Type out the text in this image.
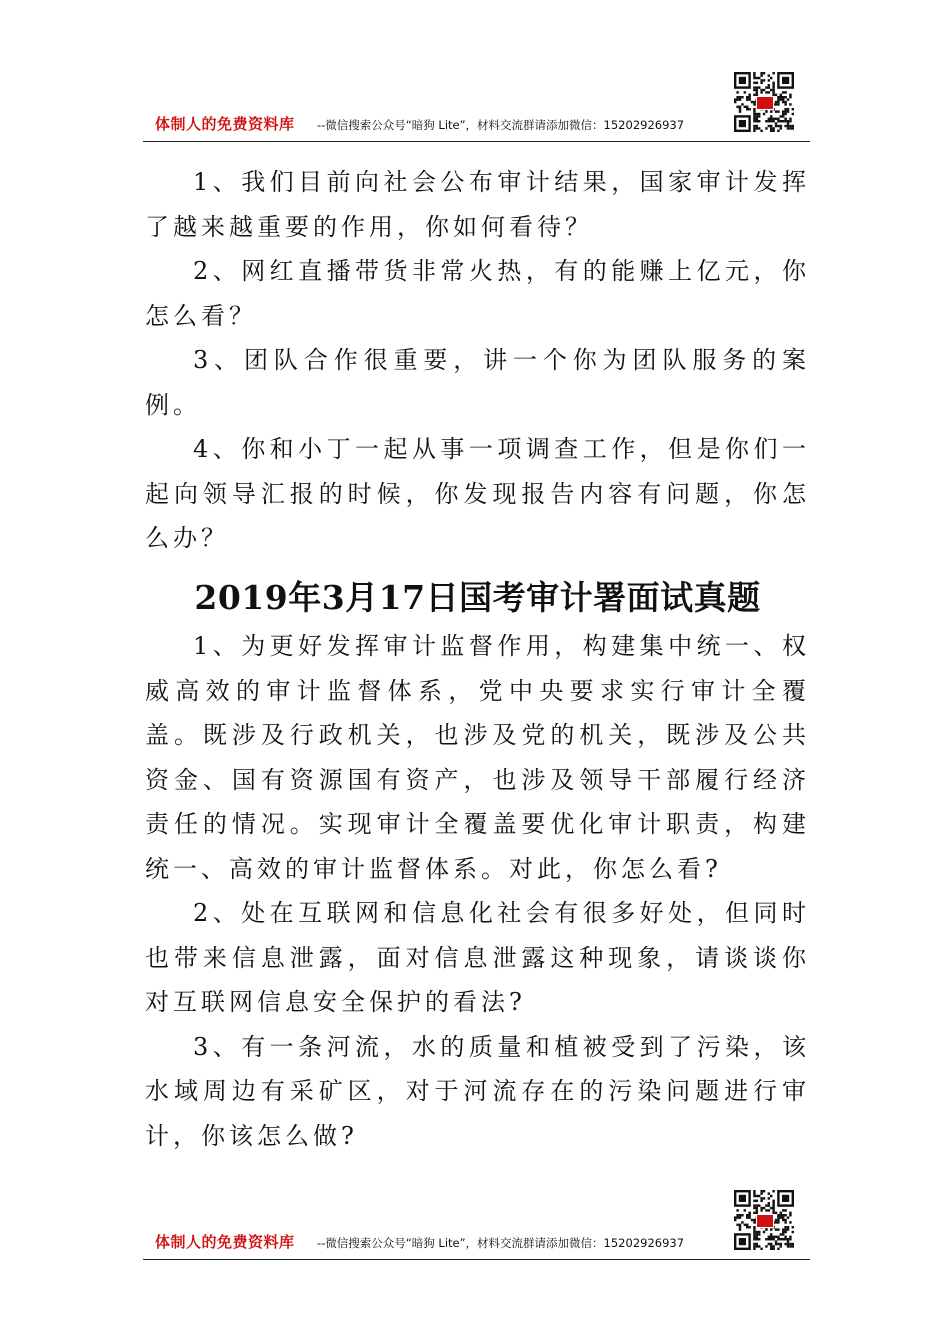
体制人的免费资料库 --微信搜索公众号“暗狗 Lite”，材料交流群请添加微信：15202926937

1、我们目前向社会公布审计结果，国家审计发挥了越来越重要的作用，你如何看待？

2、网红直播带货非常火热，有的能赚上亿元，你怎么看？

3、团队合作很重要，讲一个你为团队服务的案例。

4、你和小丁一起从事一项调查工作，但是你们一起向领导汇报的时候，你发现报告内容有问题，你怎么办？

2019年3月17日国考审计署面试真题

1、为更好发挥审计监督作用，构建集中统一、权威高效的审计监督体系，党中央要求实行审计全覆盖。既涉及行政机关，也涉及党的机关，既涉及公共资金、国有资源国有资产，也涉及领导干部履行经济责任的情况。实现审计全覆盖要优化审计职责，构建统一、高效的审计监督体系。对此，你怎么看?

2、处在互联网和信息化社会有很多好处，但同时也带来信息泄露，面对信息泄露这种现象，请谈谈你对互联网信息安全保护的看法?

3、有一条河流，水的质量和植被受到了污染，该水域周边有采矿区，对于河流存在的污染问题进行审计，你该怎么做?

体制人的免费资料库 --微信搜索公众号“暗狗 Lite”，材料交流群请添加微信：15202926937
